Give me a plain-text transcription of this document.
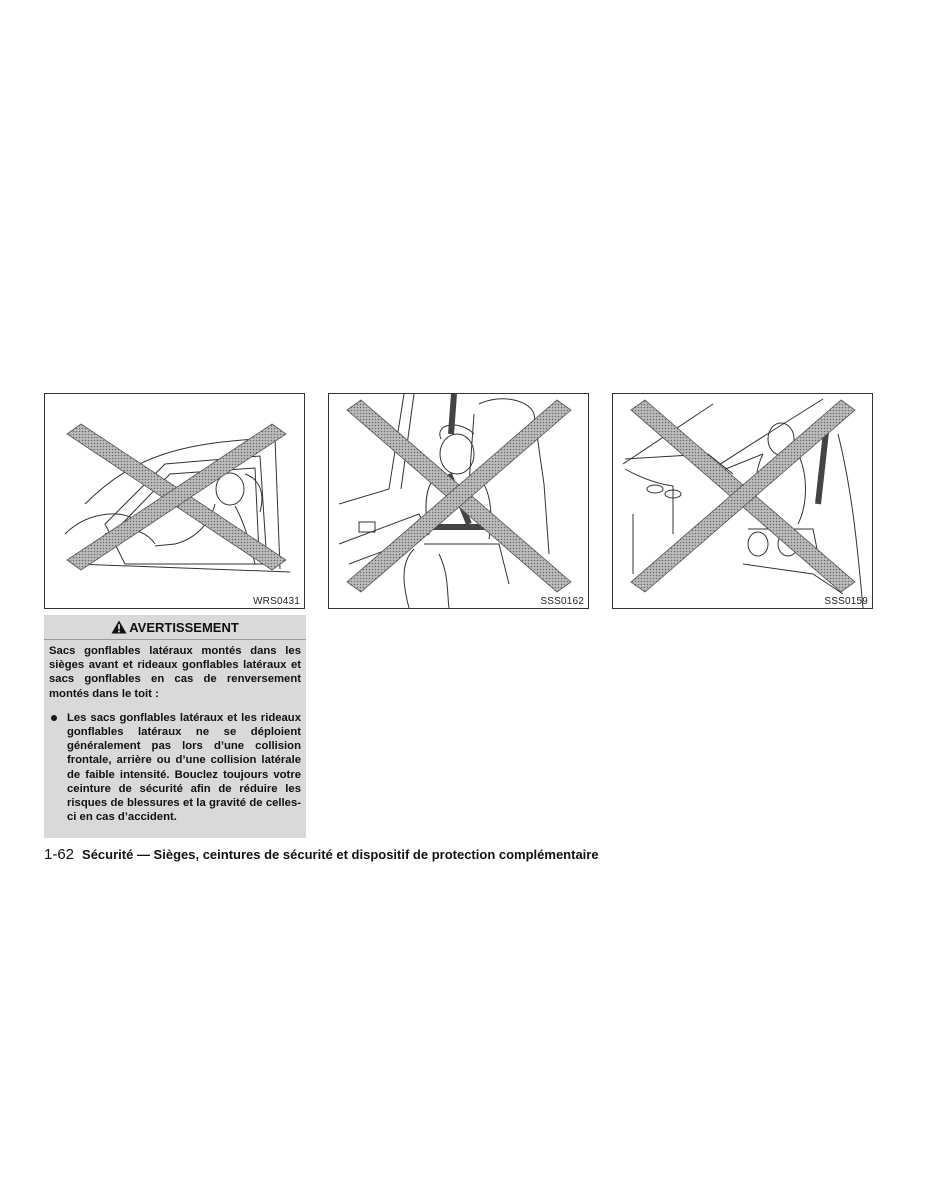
WRS0431	SSS0162	SSS0159
AVERTISSEMENT

Sacs gonflables latéraux montés dans les sièges avant et rideaux gonflables latéraux et sacs gonflables en cas de renversement montés dans le toit :

Les sacs gonflables latéraux et les rideaux gonflables latéraux ne se déploient généralement pas lors d’une collision frontale, arrière ou d’une collision latérale de faible intensité. Bouclez toujours votre ceinture de sécurité afin de réduire les risques de blessures et la gravité de celles-ci en cas d’accident.
1-62 Sécurité — Sièges, ceintures de sécurité et dispositif de protection complémentaire
